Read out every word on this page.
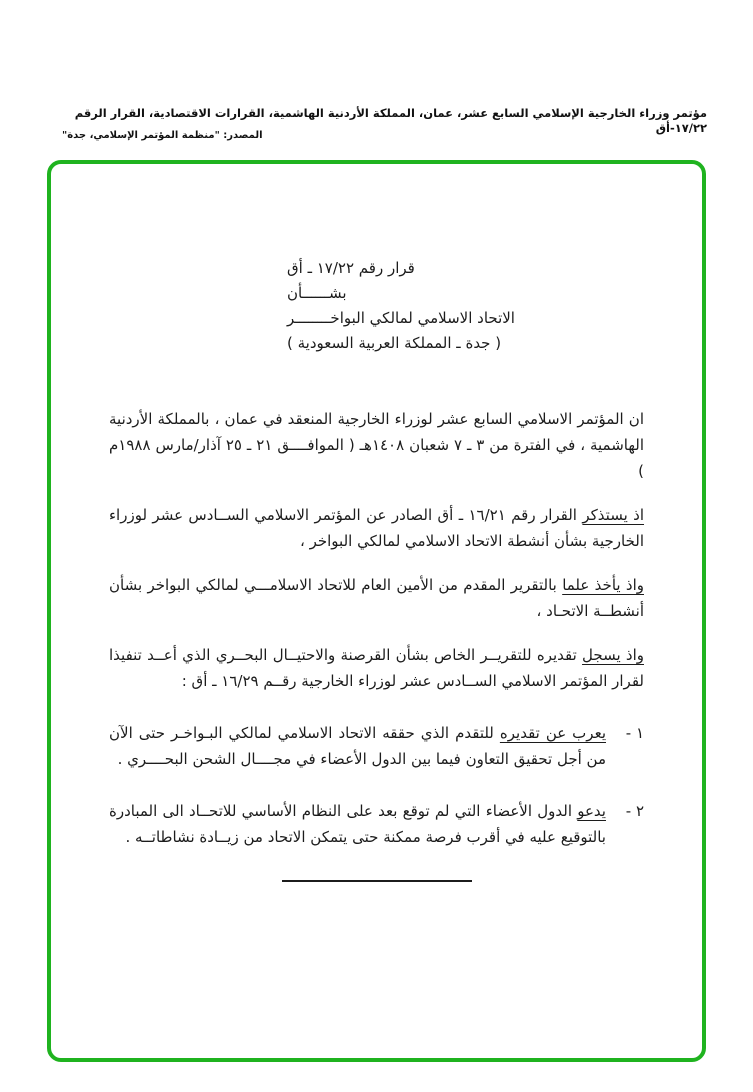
مؤتمر وزراء الخارجية الإسلامي السابع عشر، عمان، المملكة الأردنية الهاشمية، القرارات الاقتصادية، القرار الرقم ١٧/٢٢-أق
المصدر: "منظمة المؤتمر الإسلامي، جدة"
قرار رقم ١٧/٢٢ ـ أق
بشــــــأن
الاتحاد الاسلامي لمالكي البواخــــــــر
( جدة ـ المملكة العربية السعودية )

ان المؤتمر الاسلامي السابع عشر لوزراء الخارجية المنعقد في عمان ، بالمملكة الأردنية الهاشمية ، في الفترة من ٣ ـ ٧ شعبان ١٤٠٨هـ ( الموافــــق ٢١ ـ ٢٥ آذار/مارس ١٩٨٨م )

اذ يستذكر القرار رقم ١٦/٢١ ـ أق الصادر عن المؤتمر الاسلامي الســادس عشر لوزراء الخارجية بشأن أنشطة الاتحاد الاسلامي لمالكي البواخر ،

واذ يأخذ علما بالتقرير المقدم من الأمين العام للاتحاد الاسلامـــي لمالكي البواخر بشأن أنشطــة الاتحـاد ،

واذ يسجل تقديره للتقريــر الخاص بشأن القرصنة والاحتيــال البحــري الذي أعــد تنفيذا لقرار المؤتمر الاسلامي الســادس عشر لوزراء الخارجية رقــم ١٦/٢٩ ـ أق :

١ -
يعرب عن تقديره للتقدم الذي حققه الاتحاد الاسلامي لمالكي البـواخـر حتى الآن من أجل تحقيق التعاون فيما بين الدول الأعضاء في مجــــال الشحن البحــــري .
٢ -
يدعو الدول الأعضاء التي لم توقع بعد على النظام الأساسي للاتحــاد الى المبادرة بالتوقيع عليه في أقرب فرصة ممكنة حتى يتمكن الاتحاد من زيــادة نشاطاتــه .
